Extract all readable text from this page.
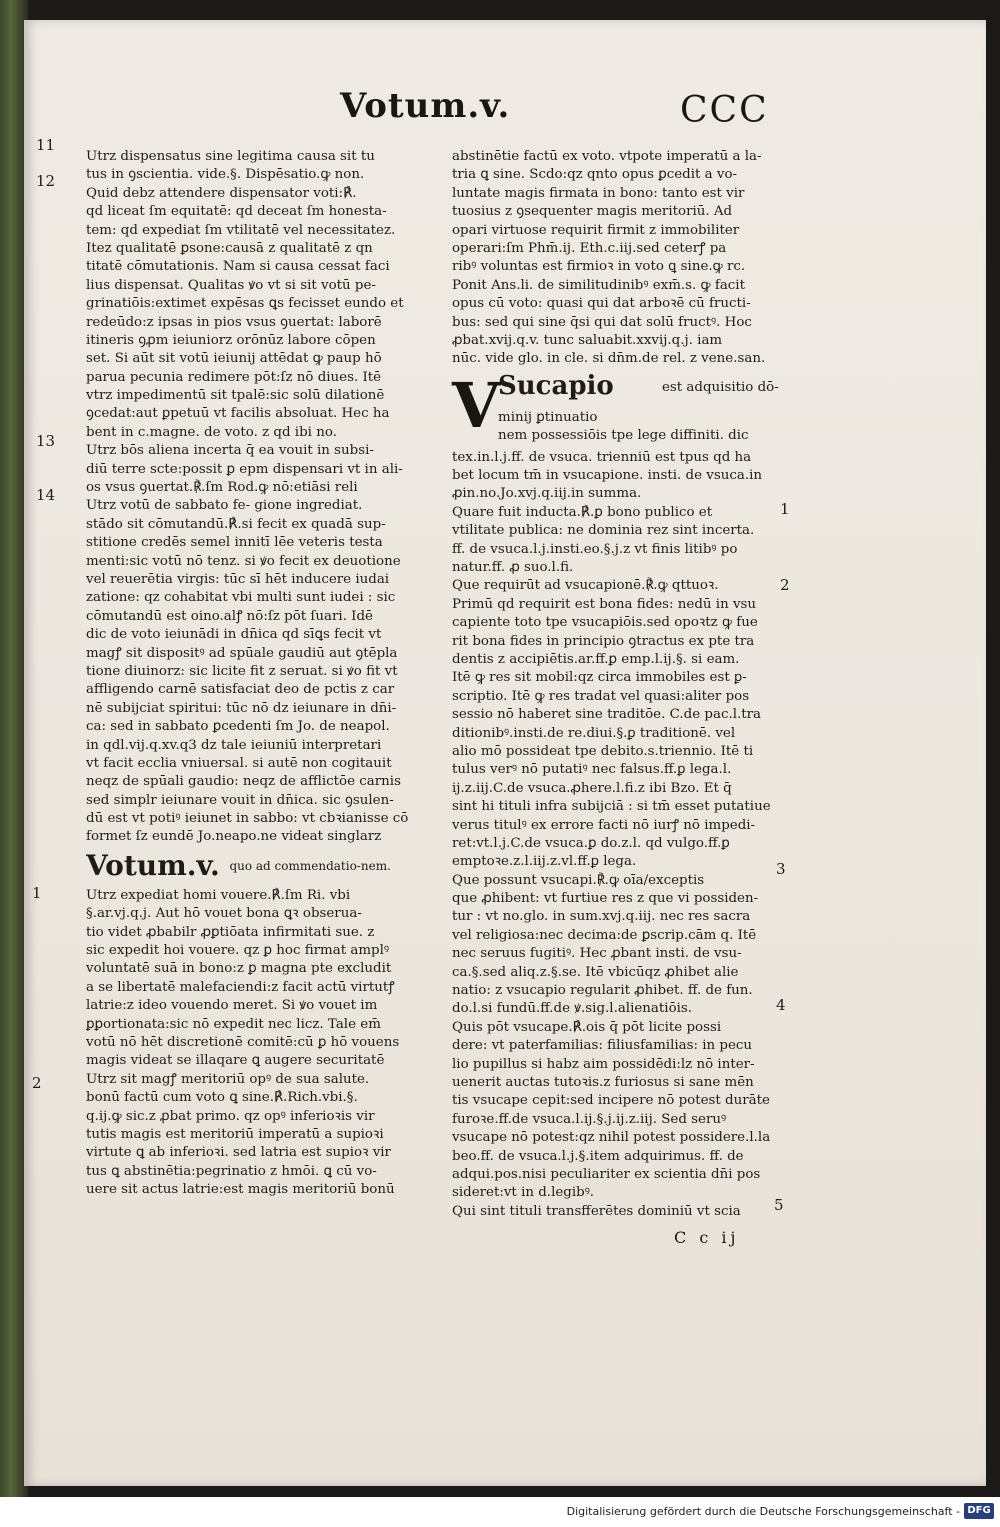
Votum.v.	CCC
11
12
13
14
1
2
1
2
3
4
5
Utrz dispensatus sine legitima causa sit tu
tus in ꝯscientia. vide.§. Dispēsatio.ꝙ non.
Quid debz attendere dispensator voti:℟.
qd liceat ſm equitatē: qd deceat ſm honesta-
tem: qd expediat ſm vtilitatē vel necessitatez.
Itez qualitatē ꝑsone:causā z qualitatē z qn
titatē cōmutationis. Nam si causa cessat faci
lius dispensat. Qualitas ꝟo vt si sit votū pe-
grinatiōis:extimet expēsas ꝗs fecisset eundo et
redeūdo:z ipsas in pios vsus ꝯuertat: laborē
itineris ꝯꝓm ieiuniorz orōnūz labore cōpen
set. Si aūt sit votū ieiunij attēdat ꝙ paup hō
parua pecunia redimere pōt:ſz nō diues. Itē
vtrz impedimentū sit tpalē:sic solū dilationē
ꝯcedat:aut ꝑpetuū vt facilis absoluat. Hec ha
bent in c.magne. de voto. z qd ibi no.
Utrz bōs aliena incerta q̄ ea vouit in subsi-
diū terre scte:possit ꝑ epm dispensari vt in ali-
os vsus ꝯuertat.℟.ſm Rod.ꝙ nō:etiāsi reli
Utrz votū de sabbato fe- gione ingrediat.
stādo sit cōmutandū.℟.si fecit ex quadā sup-
stitione credēs semel innitī lēe veteris testa
menti:sic votū nō tenz. si ꝟo fecit ex deuotione
vel reuerētia virgis: tūc sī hēt inducere iudai
zatione: qz cohabitat vbi multi sunt iudei : sic
cōmutandū est oino.alꝭ nō:ſz pōt ſuari. Idē
dic de voto ieiunādi in dn̄ica qd sīꝗs fecit vt
magꝭ sit dispositꝰ ad spūale gaudiū aut ꝯtēpla
tione diuinorz: sic licite fit z seruat. si ꝟo fit vt
affligendo carnē satisfaciat deo de pctis z car
nē subijciat spiritui: tūc nō dz ieiunare in dn̄i-
ca: sed in sabbato ꝑcedenti ſm Jo. de neapol.
in qdl.vij.q.xv.q3 dz tale ieiuniū interpretari
vt facit ecclia vniuersal. si autē non cogitauit
neqz de spūali gaudio: neqz de afflictōe carnis
sed simplr ieiunare vouit in dn̄ica. sic ꝯsulen-
dū est vt potiꝰ ieiunet in sabbo: vt cbꝛianisse cō
formet ſz eundē Jo.neapo.ne videat singlarz
Votum.v. $^{quo ad commendatio-nem.}$
Utrz expediat homi vouere.℟.ſm Ri. vbi
§.ar.vj.q.j. Aut hō vouet bona ꝗꝛ obserua-
tio videt ꝓbabilr ꝓꝑtiōata infirmitati sue. z
sic expedit hoi vouere. qz ꝑ hoc firmat amplꝰ
voluntatē suā in bono:z ꝑ magna pte excludit
a se libertatē malefaciendi:z facit actū virtutꝭ
latrie:z ideo vouendo meret. Si ꝟo vouet im
ꝑꝑortionata:sic nō expedit nec licz. Tale em̄
votū nō hēt discretionē comitē:cū ꝑ hō vouens
magis videat se illaqare ꝗ augere securitatē
Utrz sit magꝭ meritoriū opꝰ de sua salute.
bonū factū cum voto ꝗ sine.℟.Rich.vbi.§.
q.ij.ꝙ sic.z ꝓbat primo. qz opꝰ inferioꝛis vir
tutis magis est meritoriū imperatū a supioꝛi
virtute ꝗ ab inferioꝛi. sed latria est supioꝛ vir
tus ꝗ abstinētia:pegrinatio z hmōi. ꝗ cū vo-
uere sit actus latrie:est magis meritoriū bonū
abstinētie factū ex voto. vtpote imperatū a la-
tria ꝗ sine. Scdo:qz qnto opus ꝑcedit a vo-
luntate magis firmata in bono: tanto est vir
tuosius z ꝯsequenter magis meritoriū. Ad
opari virtuose requirit firmit z immobiliter
operari:ſm Phm̄.ij. Eth.c.iij.sed ceterꝭ pa
ribꝰ voluntas est firmioꝛ in voto ꝗ sine.ꝙ rc.
Ponit Ans.li. de similitudinibꝰ exm̄.s. ꝙ facit
opus cū voto: quasi qui dat arboꝛē cū fructi-
bus: sed qui sine q̄si qui dat solū fructꝰ. Hoc
ꝓbat.xvij.q.v. tunc saluabit.xxvij.q.j. iam
nūc. vide glo. in cle. si dn̄m.de rel. z vene.san.
V
Sucapio	est adquisitio dō-
minij ꝑtinuatio
nem possessiōis tpe lege diffiniti. dic
tex.in.l.j.ff. de vsuca. trienniū est tpus qd ha
bet locum tm̄ in vsucapione. insti. de vsuca.in
ꝓin.no.Jo.xvj.q.iij.in summa.
Quare fuit inducta.℟.ꝑ bono publico et
vtilitate publica: ne dominia rez sint incerta.
ff. de vsuca.l.j.insti.eo.§.j.z vt finis litibꝰ po
natur.ff. ꝓ suo.l.fi.
Que requirūt ad vsucapionē.℟.ꝙ qttuoꝛ.
Primū qd requirit est bona fides: nedū in vsu
capiente toto tpe vsucapiōis.sed opoꝛtz ꝙ fue
rit bona fides in principio ꝯtractus ex pte tra
dentis z accipiētis.ar.ff.ꝑ emp.l.ij.§. si eam.
Itē ꝙ res sit mobil:qz circa immobiles est ꝑ-
scriptio. Itē ꝙ res tradat vel quasi:aliter pos
sessio nō haberet sine traditōe. C.de pac.l.tra
ditionibꝰ.insti.de re.diui.§.ꝑ traditionē. vel
alio mō possideat tpe debito.s.triennio. Itē ti
tulus verꝰ nō putatiꝰ nec falsus.ff.ꝑ lega.l.
ij.z.iij.C.de vsuca.ꝓhere.l.fi.z ibi Bzo. Et q̄
sint hi tituli infra subijciā : si tm̄ esset putatiue
verus titulꝰ ex errore facti nō iurꝭ nō impedi-
ret:vt.l.j.C.de vsuca.ꝑ do.z.l. qd vulgo.ff.ꝑ
emptoꝛe.z.l.iij.z.vl.ff.ꝑ lega.
Que possunt vsucapi.℟.ꝙ oīa/exceptis
que ꝓhibent: vt furtiue res z que vi possiden-
tur : vt no.glo. in sum.xvj.q.iij. nec res sacra
vel religiosa:nec decima:de ꝑscrip.cām q. Itē
nec seruus fugitiꝰ. Hec ꝓbant insti. de vsu-
ca.§.sed aliq.z.§.se. Itē vbicūqz ꝓhibet alie
natio: z vsucapio regularit ꝓhibet. ff. de fun.
do.l.si fundū.ff.de ꝟ.sig.l.alienatiōis.
Quis pōt vsucape.℟.ois q̄ pōt licite possi
dere: vt paterfamilias: filiusfamilias: in pecu
lio pupillus si habz aim possidēdi:lz nō inter-
uenerit auctas tutoꝛis.z furiosus si sane mēn
tis vsucape cepit:sed incipere nō potest durāte
furoꝛe.ff.de vsuca.l.ij.§.j.ij.z.iij. Sed seruꝰ
vsucape nō potest:qz nihil potest possidere.l.la
beo.ff. de vsuca.l.j.§.item adquirimus. ff. de
adqui.pos.nisi peculiariter ex scientia dn̄i pos
sideret:vt in d.legibꝰ.
Qui sint tituli transfferētes dominiū vt scia
C c ij
Digitalisierung gefördert durch die Deutsche Forschungsgemeinschaft - DFG
